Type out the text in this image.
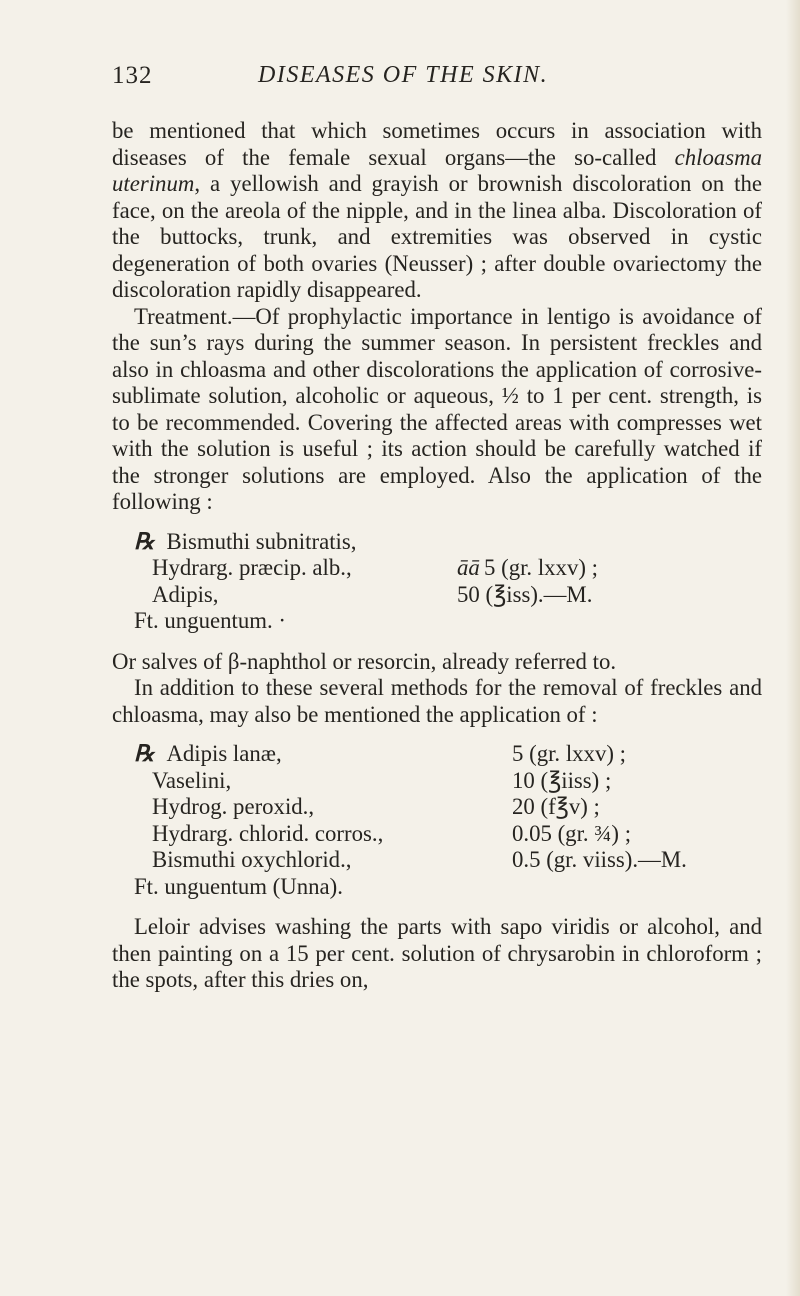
132	DISEASES OF THE SKIN.

be mentioned that which sometimes occurs in association with diseases of the female sexual organs—the so-called chloasma uterinum, a yellowish and grayish or brownish discoloration on the face, on the areola of the nipple, and in the linea alba. Discoloration of the buttocks, trunk, and extremities was observed in cystic degeneration of both ovaries (Neusser) ; after double ovariectomy the discoloration rapidly disappeared.

Treatment.—Of prophylactic importance in lentigo is avoidance of the sun’s rays during the summer season. In persistent freckles and also in chloasma and other discolorations the application of corrosive-sublimate solution, alcoholic or aqueous, ½ to 1 per cent. strength, is to be recommended. Covering the affected areas with compresses wet with the solution is useful ; its action should be carefully watched if the stronger solutions are employed. Also the application of the following :

℞ Bismuthi subnitratis,
Hydrarg. præcip. alb.,	āā 5 (gr. lxxv) ;
Adipis,	50 (℥iss).—M.
Ft. unguentum. ·

Or salves of β-naphthol or resorcin, already referred to.

In addition to these several methods for the removal of freckles and chloasma, may also be mentioned the application of :

℞ Adipis lanæ,	5 (gr. lxxv) ;
Vaselini,	10 (℥iiss) ;
Hydrog. peroxid.,	20 (f℥v) ;
Hydrarg. chlorid. corros.,	0.05 (gr. ¾) ;
Bismuthi oxychlorid.,	0.5 (gr. viiss).—M.
Ft. unguentum (Unna).

Leloir advises washing the parts with sapo viridis or alcohol, and then painting on a 15 per cent. solution of chrysarobin in chloroform ; the spots, after this dries on,
